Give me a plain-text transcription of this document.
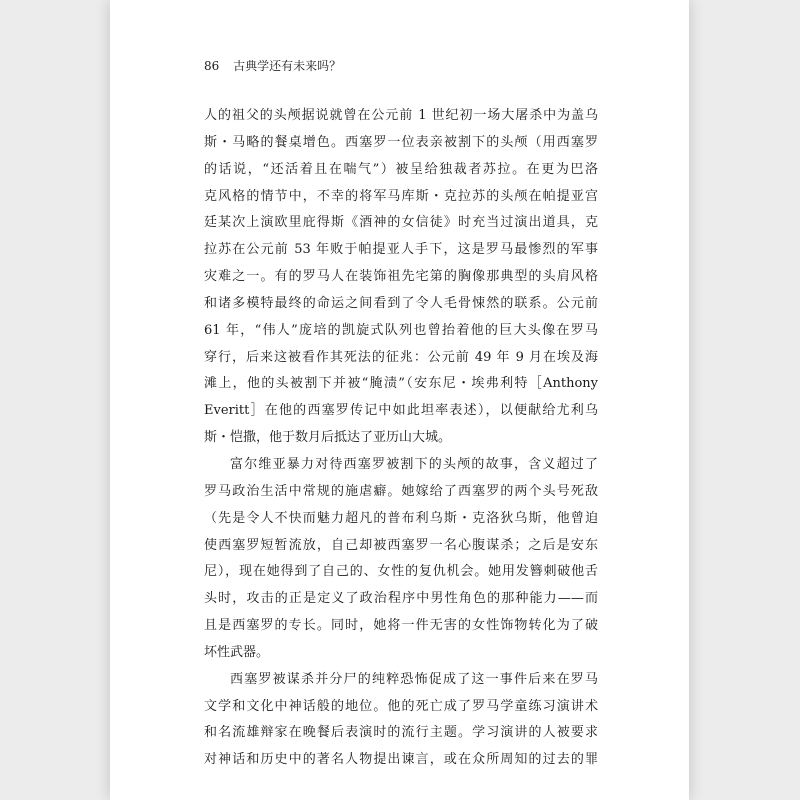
86 古典学还有未来吗？
人的祖父的头颅据说就曾在公元前 1 世纪初一场大屠杀中为盖乌
斯・马略的餐桌增色。西塞罗一位表亲被割下的头颅（用西塞罗
的话说，“还活着且在喘气”）被呈给独裁者苏拉。在更为巴洛
克风格的情节中，不幸的将军马库斯・克拉苏的头颅在帕提亚宫
廷某次上演欧里庇得斯《酒神的女信徒》时充当过演出道具，克
拉苏在公元前 53 年败于帕提亚人手下，这是罗马最惨烈的军事
灾难之一。有的罗马人在装饰祖先宅第的胸像那典型的头肩风格
和诸多模特最终的命运之间看到了令人毛骨悚然的联系。公元前
61 年，“伟人”庞培的凯旋式队列也曾抬着他的巨大头像在罗马
穿行，后来这被看作其死法的征兆：公元前 49 年 9 月在埃及海
滩上，他的头被割下并被“腌渍”（安东尼・埃弗利特［Anthony
Everitt］在他的西塞罗传记中如此坦率表述），以便献给尤利乌
斯・恺撒，他于数月后抵达了亚历山大城。
富尔维亚暴力对待西塞罗被割下的头颅的故事，含义超过了
罗马政治生活中常规的施虐癖。她嫁给了西塞罗的两个头号死敌
（先是令人不快而魅力超凡的普布利乌斯・克洛狄乌斯，他曾迫
使西塞罗短暂流放，自己却被西塞罗一名心腹谋杀；之后是安东
尼），现在她得到了自己的、女性的复仇机会。她用发簪刺破他舌
头时，攻击的正是定义了政治程序中男性角色的那种能力——而
且是西塞罗的专长。同时，她将一件无害的女性饰物转化为了破
坏性武器。
西塞罗被谋杀并分尸的纯粹恐怖促成了这一事件后来在罗马
文学和文化中神话般的地位。他的死亡成了罗马学童练习演讲术
和名流雄辩家在晚餐后表演时的流行主题。学习演讲的人被要求
对神话和历史中的著名人物提出谏言，或在众所周知的过去的罪
